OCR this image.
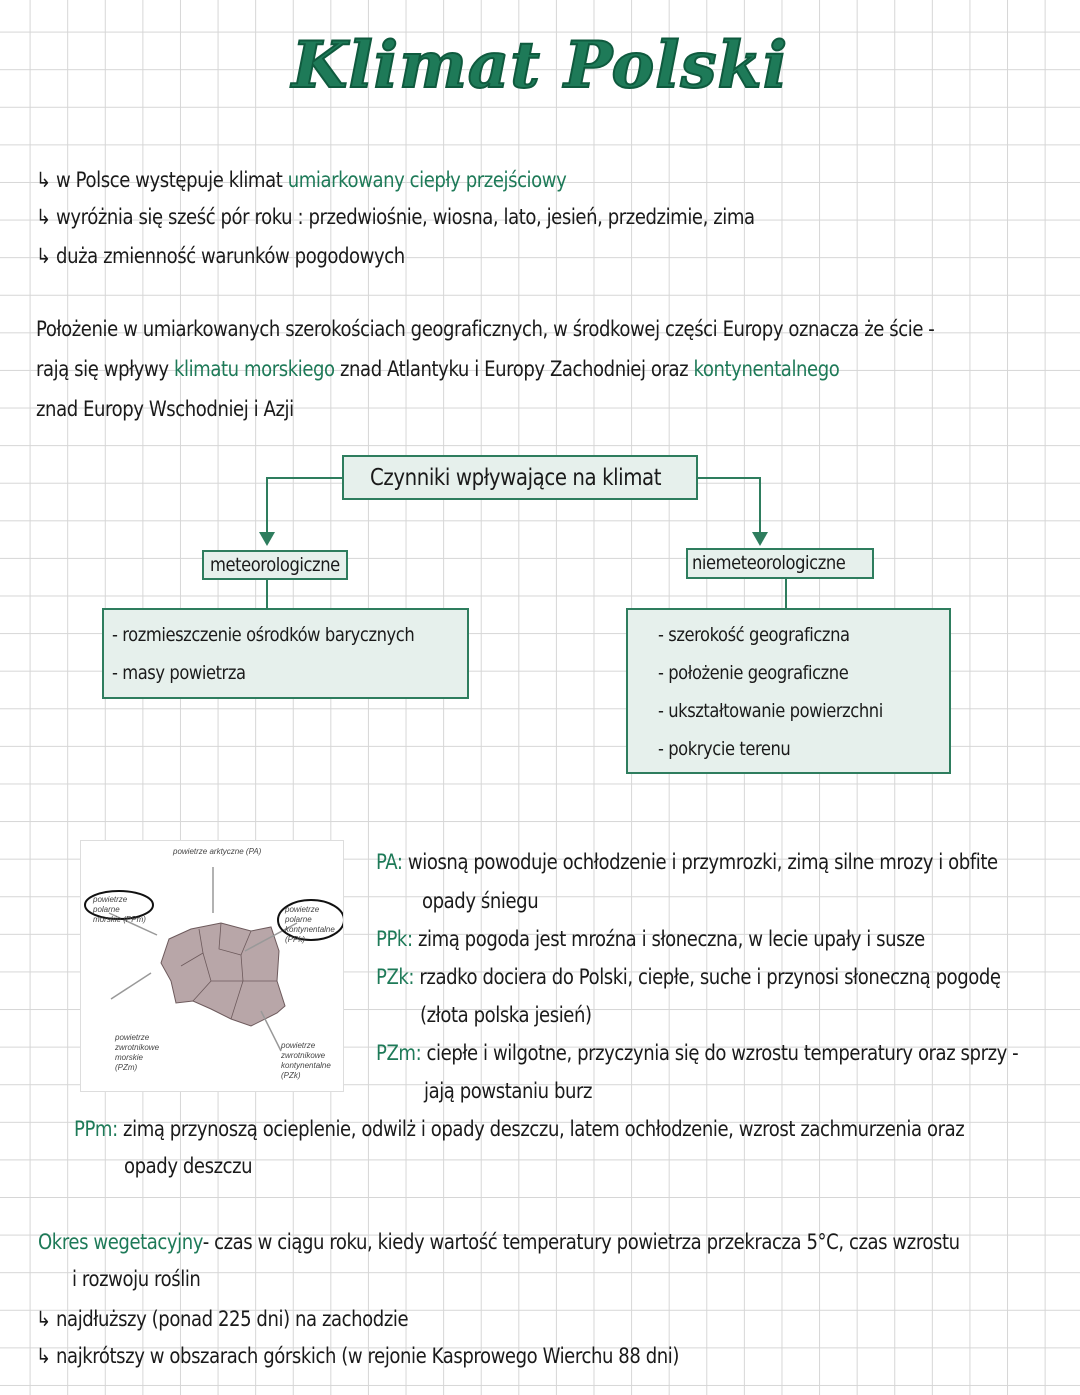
Klimat Polski
↳ w Polsce występuje klimat umiarkowany ciepły przejściowy
↳ wyróżnia się sześć pór roku : przedwiośnie, wiosna, lato, jesień, przedzimie, zima
↳ duża zmienność warunków pogodowych
Położenie w umiarkowanych szerokościach geograficznych, w środkowej części Europy oznacza że ście -
rają się wpływy klimatu morskiego znad Atlantyku i Europy Zachodniej oraz kontynentalnego
znad Europy Wschodniej i Azji
Czynniki wpływające na klimat
meteorologiczne
- rozmieszczenie ośrodków barycznych
- masy powietrza
niemeteorologiczne
- szerokość geograficzna
- położenie geograficzne
- ukształtowanie powierzchni
- pokrycie terenu
powietrze arktyczne (PA)
powietrze polarne morskie (PPm)
powietrze polarne kontynentalne (PPk)
powietrze zwrotnikowe morskie (PZm)
powietrze zwrotnikowe kontynentalne (PZk)
PA: wiosną powoduje ochłodzenie i przymrozki, zimą silne mrozy i obfite
opady śniegu
PPk: zimą pogoda jest mroźna i słoneczna, w lecie upały i susze
PZk: rzadko dociera do Polski, ciepłe, suche i przynosi słoneczną pogodę
(złota polska jesień)
PZm: ciepłe i wilgotne, przyczynia się do wzrostu temperatury oraz sprzy -
jają powstaniu burz
PPm: zimą przynoszą ocieplenie, odwilż i opady deszczu, latem ochłodzenie, wzrost zachmurzenia oraz
opady deszczu
Okres wegetacyjny- czas w ciągu roku, kiedy wartość temperatury powietrza przekracza 5°C, czas wzrostu
i rozwoju roślin
↳ najdłuższy (ponad 225 dni) na zachodzie
↳ najkrótszy w obszarach górskich (w rejonie Kasprowego Wierchu 88 dni)
